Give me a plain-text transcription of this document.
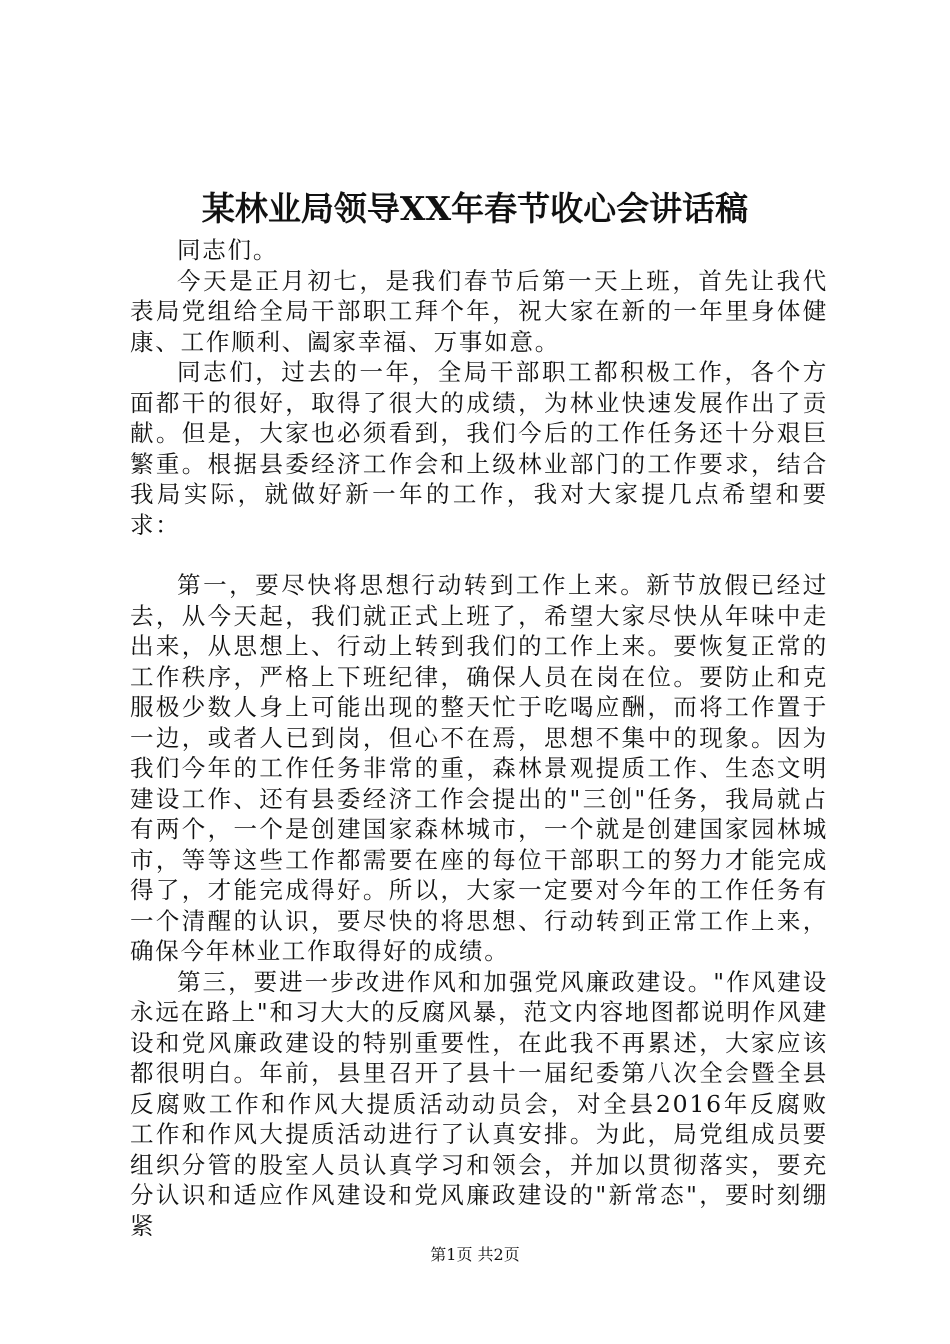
某林业局领导XX年春节收心会讲话稿

同志们。

今天是正月初七，是我们春节后第一天上班，首先让我代表局党组给全局干部职工拜个年，祝大家在新的一年里身体健康、工作顺利、阖家幸福、万事如意。

同志们，过去的一年，全局干部职工都积极工作，各个方面都干的很好，取得了很大的成绩，为林业快速发展作出了贡献。但是，大家也必须看到，我们今后的工作任务还十分艰巨繁重。根据县委经济工作会和上级林业部门的工作要求，结合我局实际，就做好新一年的工作，我对大家提几点希望和要求：

第一，要尽快将思想行动转到工作上来。新节放假已经过去，从今天起，我们就正式上班了，希望大家尽快从年味中走出来，从思想上、行动上转到我们的工作上来。要恢复正常的工作秩序，严格上下班纪律，确保人员在岗在位。要防止和克服极少数人身上可能出现的整天忙于吃喝应酬，而将工作置于一边，或者人已到岗，但心不在焉，思想不集中的现象。因为我们今年的工作任务非常的重，森林景观提质工作、生态文明建设工作、还有县委经济工作会提出的"三创"任务，我局就占有两个，一个是创建国家森林城市，一个就是创建国家园林城市，等等这些工作都需要在座的每位干部职工的努力才能完成得了，才能完成得好。所以，大家一定要对今年的工作任务有一个清醒的认识，要尽快的将思想、行动转到正常工作上来，确保今年林业工作取得好的成绩。

第三，要进一步改进作风和加强党风廉政建设。"作风建设永远在路上"和习大大的反腐风暴，范文内容地图都说明作风建设和党风廉政建设的特别重要性，在此我不再累述，大家应该都很明白。年前，县里召开了县十一届纪委第八次全会暨全县反腐败工作和作风大提质活动动员会，对全县2016年反腐败工作和作风大提质活动进行了认真安排。为此，局党组成员要组织分管的股室人员认真学习和领会，并加以贯彻落实，要充分认识和适应作风建设和党风廉政建设的"新常态"，要时刻绷紧

第1页 共2页
